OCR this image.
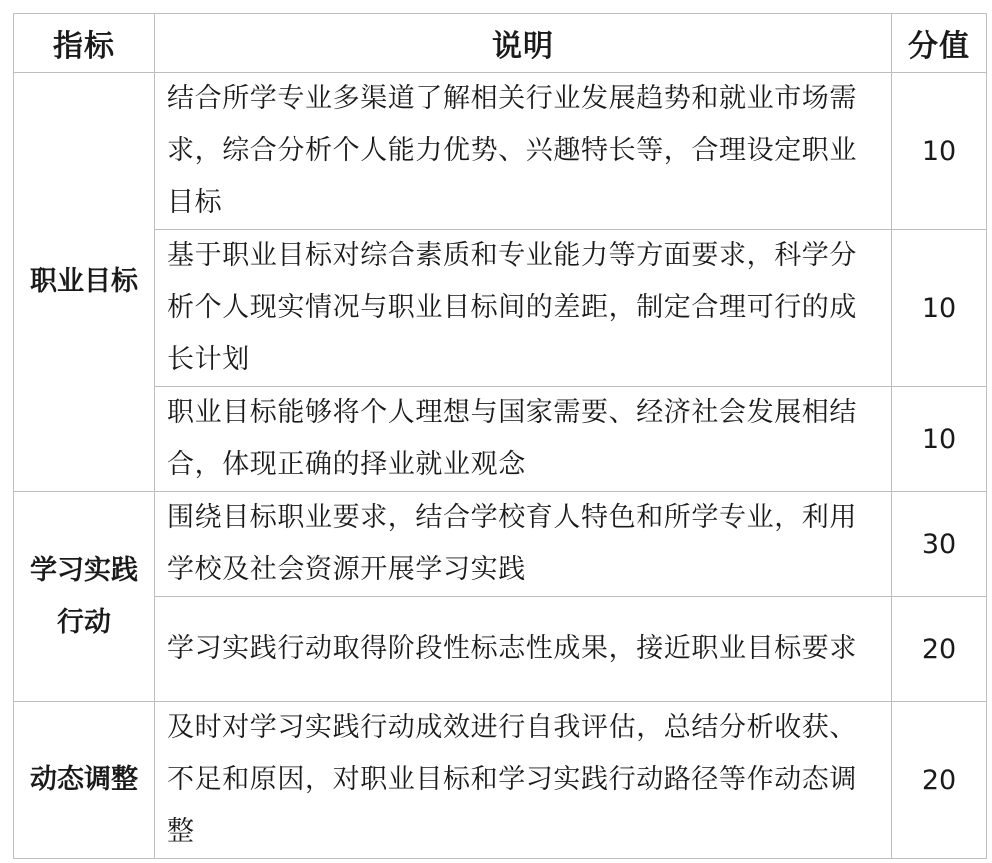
指标	说明	分值
职业目标	结合所学专业多渠道了解相关行业发展趋势和就业市场需求，综合分析个人能力优势、兴趣特长等，合理设定职业目标	10
	基于职业目标对综合素质和专业能力等方面要求，科学分析个人现实情况与职业目标间的差距，制定合理可行的成长计划	10
	职业目标能够将个人理想与国家需要、经济社会发展相结合，体现正确的择业就业观念	10
学习实践行动	围绕目标职业要求，结合学校育人特色和所学专业，利用学校及社会资源开展学习实践	30
	学习实践行动取得阶段性标志性成果，接近职业目标要求	20
动态调整	及时对学习实践行动成效进行自我评估，总结分析收获、不足和原因，对职业目标和学习实践行动路径等作动态调整	20
